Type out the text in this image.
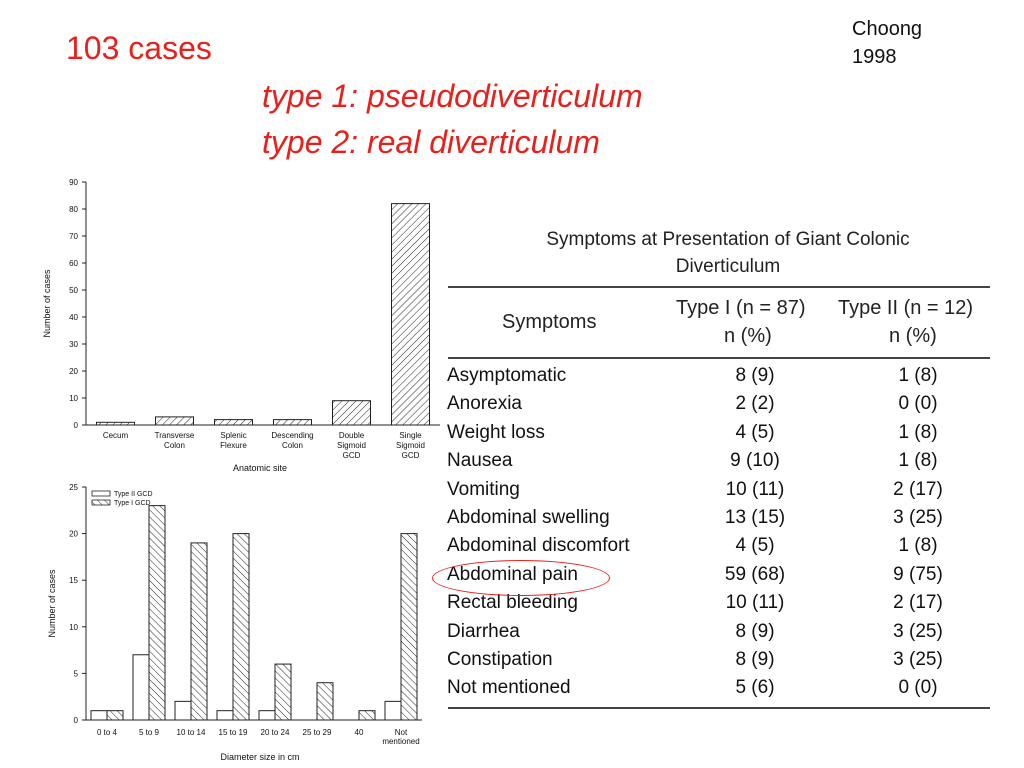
103 cases
type 1: pseudodiverticulum
type 2: real diverticulum
Choong
1998
0
10
20
30
40
50
60
70
80
90
Number of cases
Cecum	Transverse
Colon
Splenic
Flexure
Descending
Colon
Double
Sigmoid
GCD
Single
Sigmoid
GCD
Anatomic site
0
5
10
15
20
25
Number of cases
0 to 4	5 to 9 10 to 14 15 to 19 20 to 24 25 to 29	40	Not
mentioned
Diameter size in cm
Type II GCD
Type I GCD
Symptoms at Presentation of Giant Colonic
Diverticulum
Symptoms
Type I (n = 87)
n (%)
Type II (n = 12)
n (%)
Asymptomatic	8 (9)	1 (8)
Anorexia	2 (2)	0 (0)
Weight loss	4 (5)	1 (8)
Nausea	9 (10)	1 (8)
Vomiting	10 (11)	2 (17)
Abdominal swelling	13 (15)	3 (25)
Abdominal discomfort	4 (5)	1 (8)
Abdominal pain	59 (68)	9 (75)
Rectal bleeding	10 (11)	2 (17)
Diarrhea	8 (9)	3 (25)
Constipation	8 (9)	3 (25)
Not mentioned	5 (6)	0 (0)
